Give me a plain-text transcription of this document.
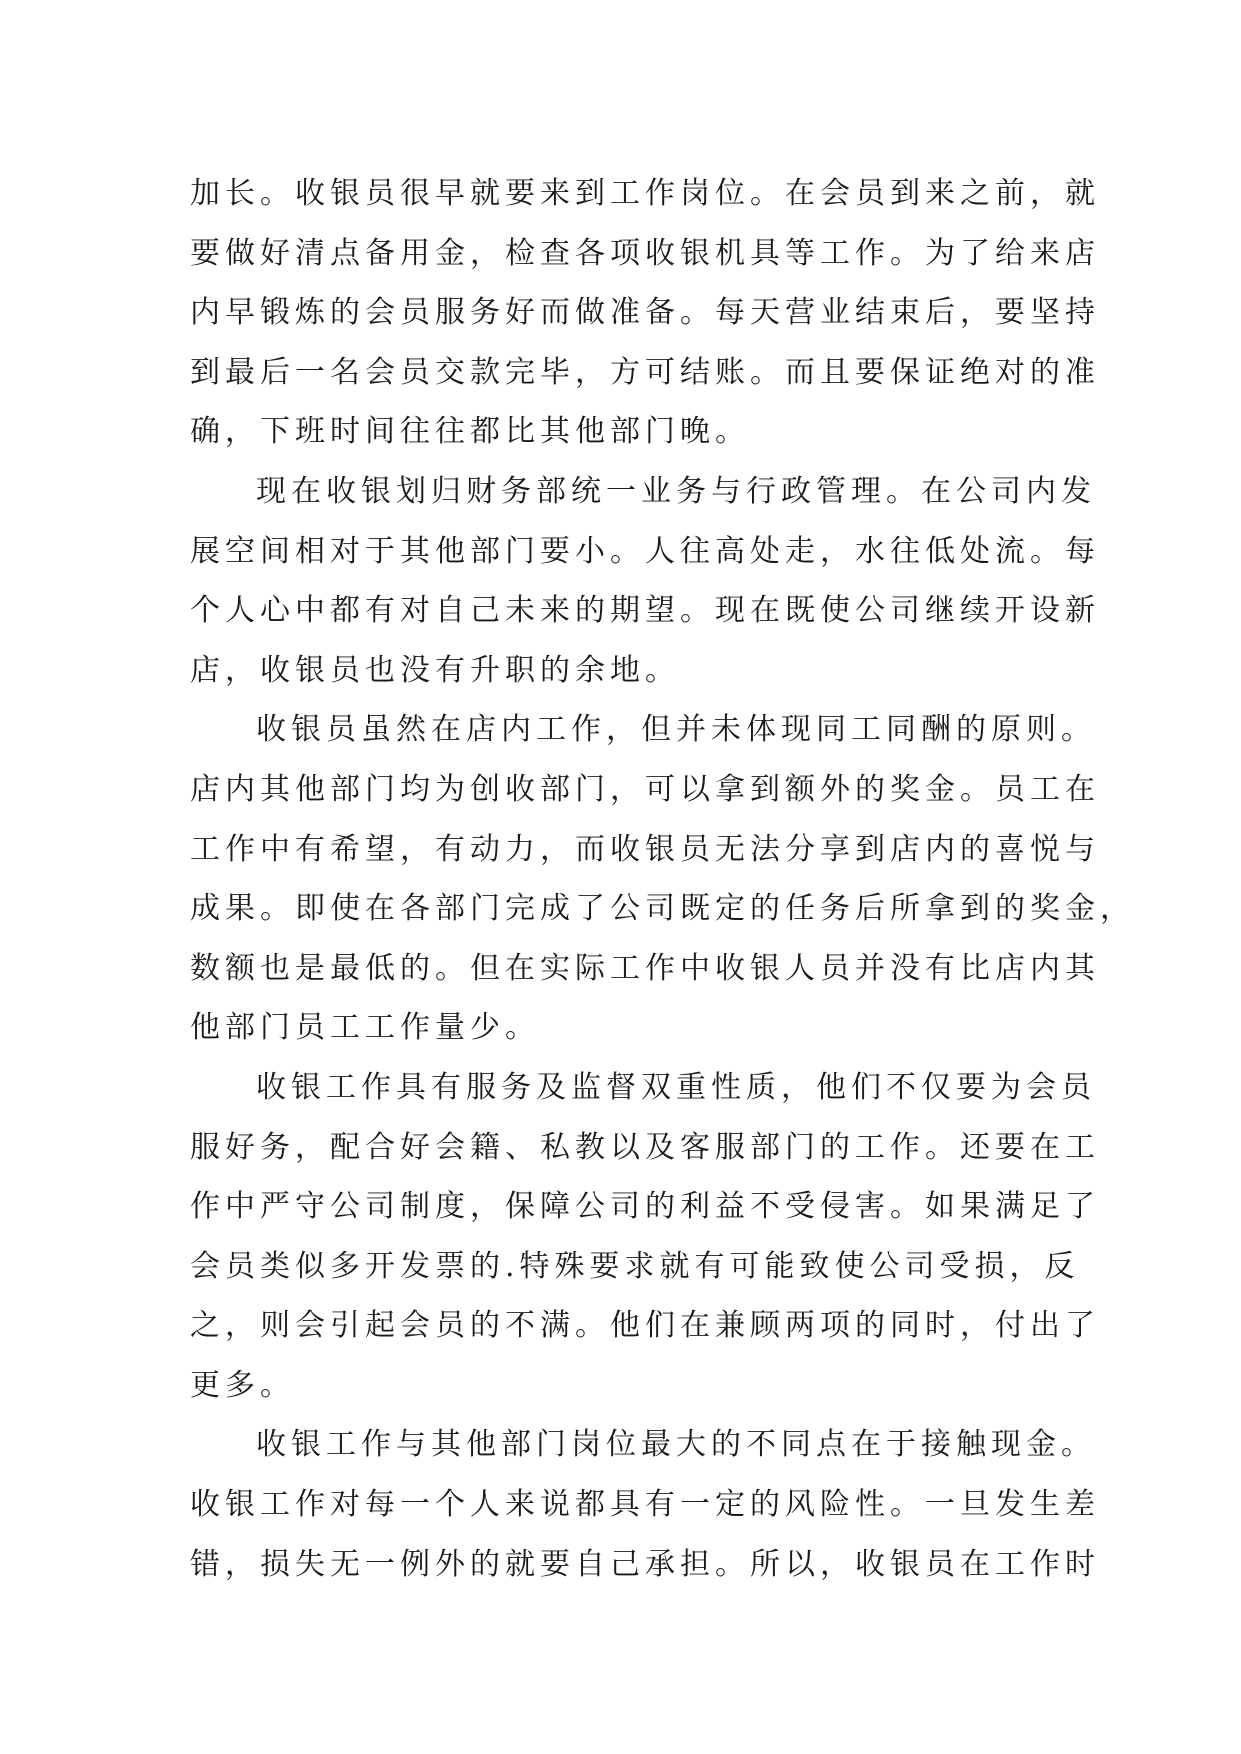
加长。收银员很早就要来到工作岗位。在会员到来之前，就
要做好清点备用金，检查各项收银机具等工作。为了给来店
内早锻炼的会员服务好而做准备。每天营业结束后，要坚持
到最后一名会员交款完毕，方可结账。而且要保证绝对的准
确，下班时间往往都比其他部门晚。
现在收银划归财务部统一业务与行政管理。在公司内发
展空间相对于其他部门要小。人往高处走，水往低处流。每
个人心中都有对自己未来的期望。现在既使公司继续开设新
店，收银员也没有升职的余地。
收银员虽然在店内工作，但并未体现同工同酬的原则。
店内其他部门均为创收部门，可以拿到额外的奖金。员工在
工作中有希望，有动力，而收银员无法分享到店内的喜悦与
成果。即使在各部门完成了公司既定的任务后所拿到的奖金，
数额也是最低的。但在实际工作中收银人员并没有比店内其
他部门员工工作量少。
收银工作具有服务及监督双重性质，他们不仅要为会员
服好务，配合好会籍、私教以及客服部门的工作。还要在工
作中严守公司制度，保障公司的利益不受侵害。如果满足了
会员类似多开发票的.特殊要求就有可能致使公司受损，反
之，则会引起会员的不满。他们在兼顾两项的同时，付出了
更多。
收银工作与其他部门岗位最大的不同点在于接触现金。
收银工作对每一个人来说都具有一定的风险性。一旦发生差
错，损失无一例外的就要自己承担。所以，收银员在工作时
